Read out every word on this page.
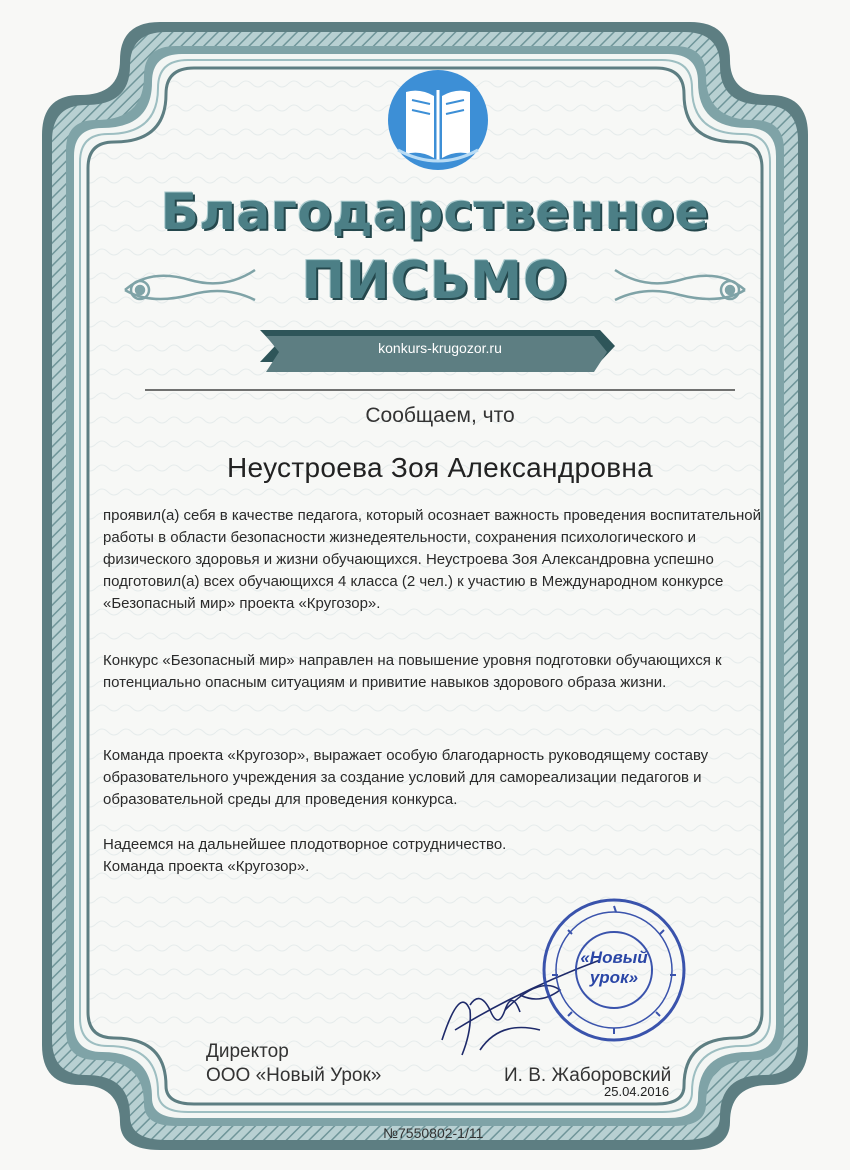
Благодарственное
ПИСЬМО
konkurs-krugozor.ru
Сообщаем, что
Неустроева Зоя Александровна
проявил(а) себя в качестве педагога, который осознает важность проведения воспитательной работы в области безопасности жизнедеятельности, сохранения психологического и физического здоровья и жизни обучающихся. Неустроева Зоя Александровна успешно подготовил(а) всех обучающихся 4 класса (2 чел.) к участию в Международном конкурсе «Безопасный мир» проекта «Кругозор».
Конкурс «Безопасный мир» направлен на повышение уровня подготовки обучающихся к потенциально опасным ситуациям и привитие навыков здорового образа жизни.
Команда проекта «Кругозор», выражает особую благодарность руководящему составу образовательного учреждения за создание условий для самореализации педагогов и образовательной среды для проведения конкурса.
Надеемся на дальнейшее плодотворное сотрудничество.
Команда проекта «Кругозор».
«Новый
урок»
Директор
ООО «Новый Урок»	И. В. Жаборовский
25.04.2016
№7550802-1/11
